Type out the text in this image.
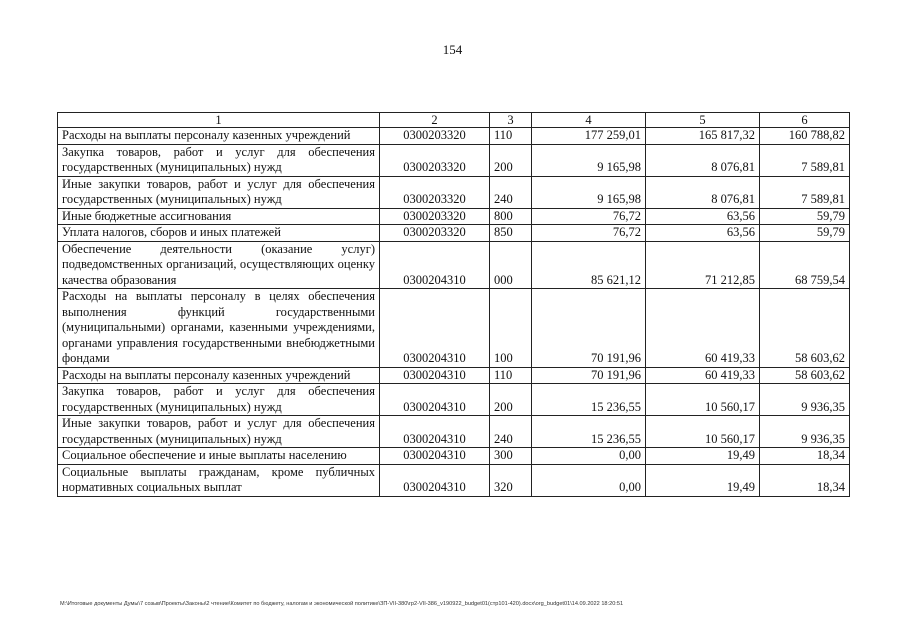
154
1	2	3	4	5	6
Расходы на выплаты персоналу казенных учреждений	0300203320	110	177 259,01	165 817,32	160 788,82
Закупка товаров, работ и услуг для обеспечения государственных (муниципальных) нужд	0300203320	200	9 165,98	8 076,81	7 589,81
Иные закупки товаров, работ и услуг для обеспечения государственных (муниципальных) нужд	0300203320	240	9 165,98	8 076,81	7 589,81
Иные бюджетные ассигнования	0300203320	800	76,72	63,56	59,79
Уплата налогов, сборов и иных платежей	0300203320	850	76,72	63,56	59,79
Обеспечение деятельности (оказание услуг) подведомственных организаций, осуществляющих оценку качества образования	0300204310	000	85 621,12	71 212,85	68 759,54
Расходы на выплаты персоналу в целях обеспечения выполнения функций государственными (муниципальными) органами, казенными учреждениями, органами управления государственными внебюджетными фондами	0300204310	100	70 191,96	60 419,33	58 603,62
Расходы на выплаты персоналу казенных учреждений	0300204310	110	70 191,96	60 419,33	58 603,62
Закупка товаров, работ и услуг для обеспечения государственных (муниципальных) нужд	0300204310	200	15 236,55	10 560,17	9 936,35
Иные закупки товаров, работ и услуг для обеспечения государственных (муниципальных) нужд	0300204310	240	15 236,55	10 560,17	9 936,35
Социальное обеспечение и иные выплаты населению	0300204310	300	0,00	19,49	18,34
Социальные выплаты гражданам, кроме публичных нормативных социальных выплат	0300204310	320	0,00	19,49	18,34
M:\Итоговые документы Думы\7 созыв\Проекты\Законы\2 чтение\Комитет по бюджету, налогам и экономической политике\ЗП-VII-380\гр2-VII-386_v190922_budget01(стр101-420).docx\org_budget01\14.09.2022 18:20:51
